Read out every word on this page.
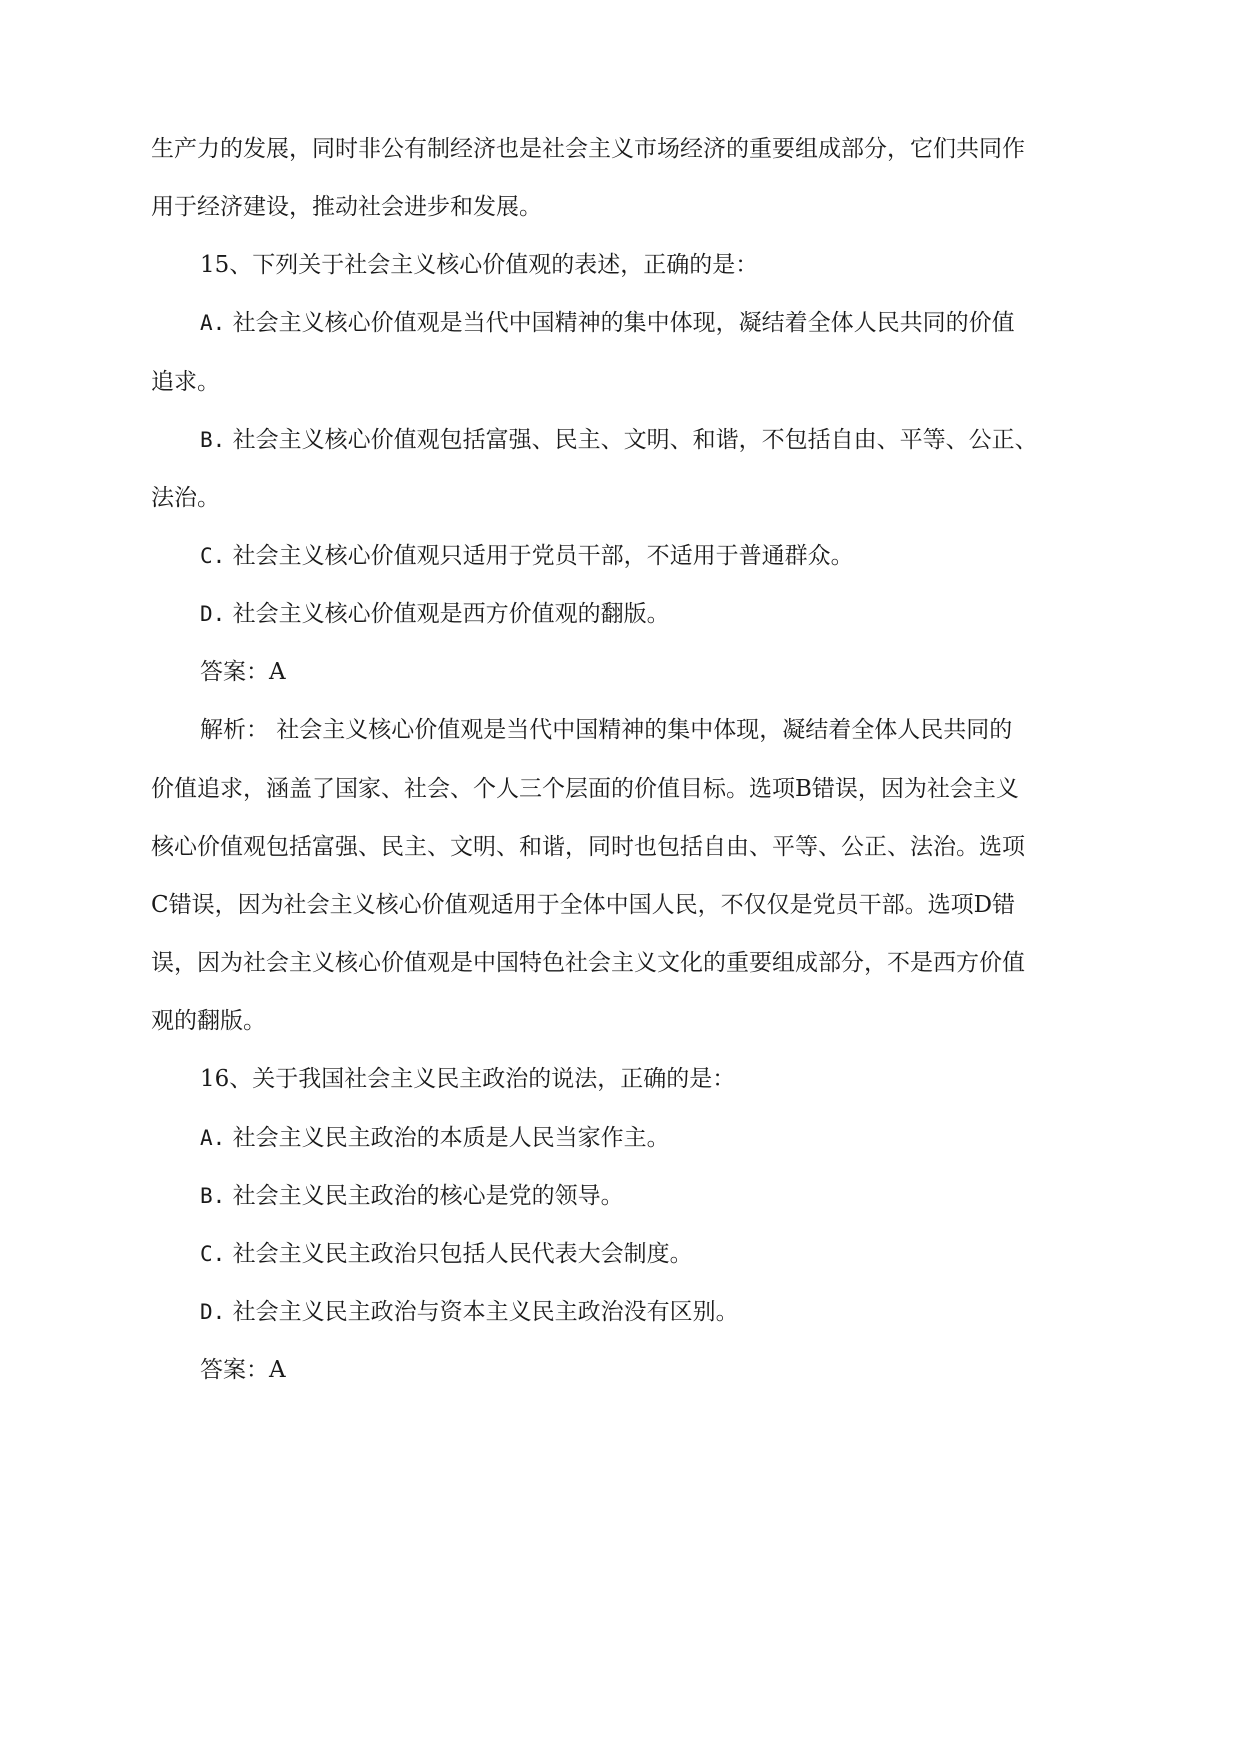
生产力的发展，同时非公有制经济也是社会主义市场经济的重要组成部分，它们共同作

用于经济建设，推动社会进步和发展。

15、下列关于社会主义核心价值观的表述，正确的是：

A. 社会主义核心价值观是当代中国精神的集中体现，凝结着全体人民共同的价值

追求。

B. 社会主义核心价值观包括富强、民主、文明、和谐，不包括自由、平等、公正、

法治。

C. 社会主义核心价值观只适用于党员干部，不适用于普通群众。

D. 社会主义核心价值观是西方价值观的翻版。

答案：A

解析： 社会主义核心价值观是当代中国精神的集中体现，凝结着全体人民共同的

价值追求，涵盖了国家、社会、个人三个层面的价值目标。选项B错误，因为社会主义

核心价值观包括富强、民主、文明、和谐，同时也包括自由、平等、公正、法治。选项

C错误，因为社会主义核心价值观适用于全体中国人民，不仅仅是党员干部。选项D错

误，因为社会主义核心价值观是中国特色社会主义文化的重要组成部分，不是西方价值

观的翻版。

16、关于我国社会主义民主政治的说法，正确的是：

A. 社会主义民主政治的本质是人民当家作主。

B. 社会主义民主政治的核心是党的领导。

C. 社会主义民主政治只包括人民代表大会制度。

D. 社会主义民主政治与资本主义民主政治没有区别。

答案：A
